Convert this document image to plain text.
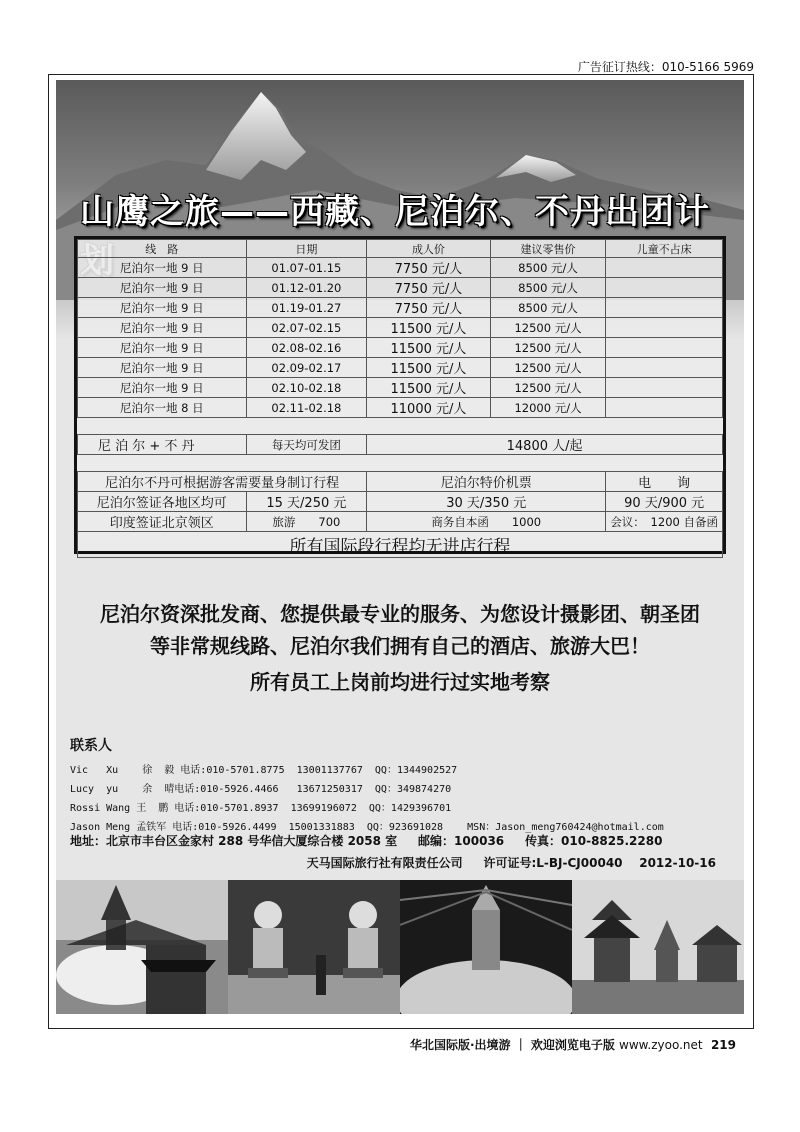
广告征订热线：010-5166 5969
山鹰之旅——西藏、尼泊尔、不丹出团计
线　路	日期	成人价	建议零售价	儿童不占床
尼泊尔一地 9 日	01.07-01.15	7750 元/人	8500 元/人	
尼泊尔一地 9 日	01.12-01.20	7750 元/人	8500 元/人	
尼泊尔一地 9 日	01.19-01.27	7750 元/人	8500 元/人	
尼泊尔一地 9 日	02.07-02.15	11500 元/人	12500 元/人	
尼泊尔一地 9 日	02.08-02.16	11500 元/人	12500 元/人	
尼泊尔一地 9 日	02.09-02.17	11500 元/人	12500 元/人	
尼泊尔一地 9 日	02.10-02.18	11500 元/人	12500 元/人	
尼泊尔一地 8 日	02.11-02.18	11000 元/人	12000 元/人	

尼 泊 尔 + 不 丹	每天均可发团	14800 人/起		

尼泊尔不丹可根据游客需要量身制订行程		尼泊尔特价机票		电　　询
尼泊尔签证各地区均可	15 天/250 元	30 天/350 元		90 天/900 元
印度签证北京领区	旅游　　700	商务自本函　　1000		会议：　1200 自备函
所有国际段行程均无进店行程				
尼泊尔资深批发商、您提供最专业的服务、为您设计摄影团、朝圣团
等非常规线路、尼泊尔我们拥有自己的酒店、旅游大巴！
所有员工上岗前均进行过实地考察
联系人
Vic   Xu    徐  毅 电话:010-5701.8775  13001137767  QQ：1344902527
Lucy  yu    余  晴电话:010-5926.4466   13671250317  QQ：349874270
Rossi Wang 王  鹏 电话:010-5701.8937  13699196072  QQ：1429396701
Jason Meng 孟铁军 电话:010-5926.4499  15001331883  QQ：923691028    MSN：Jason_meng760424@hotmail.com
地址：北京市丰台区金家村 288 号华信大厦综合楼 2058 室     邮编：100036     传真：010-8825.2280
天马国际旅行社有限责任公司     许可证号:L-BJ-CJ00040    2012-10-16
华北国际版·出境游 ｜ 欢迎浏览电子版 www.zyoo.net  219
